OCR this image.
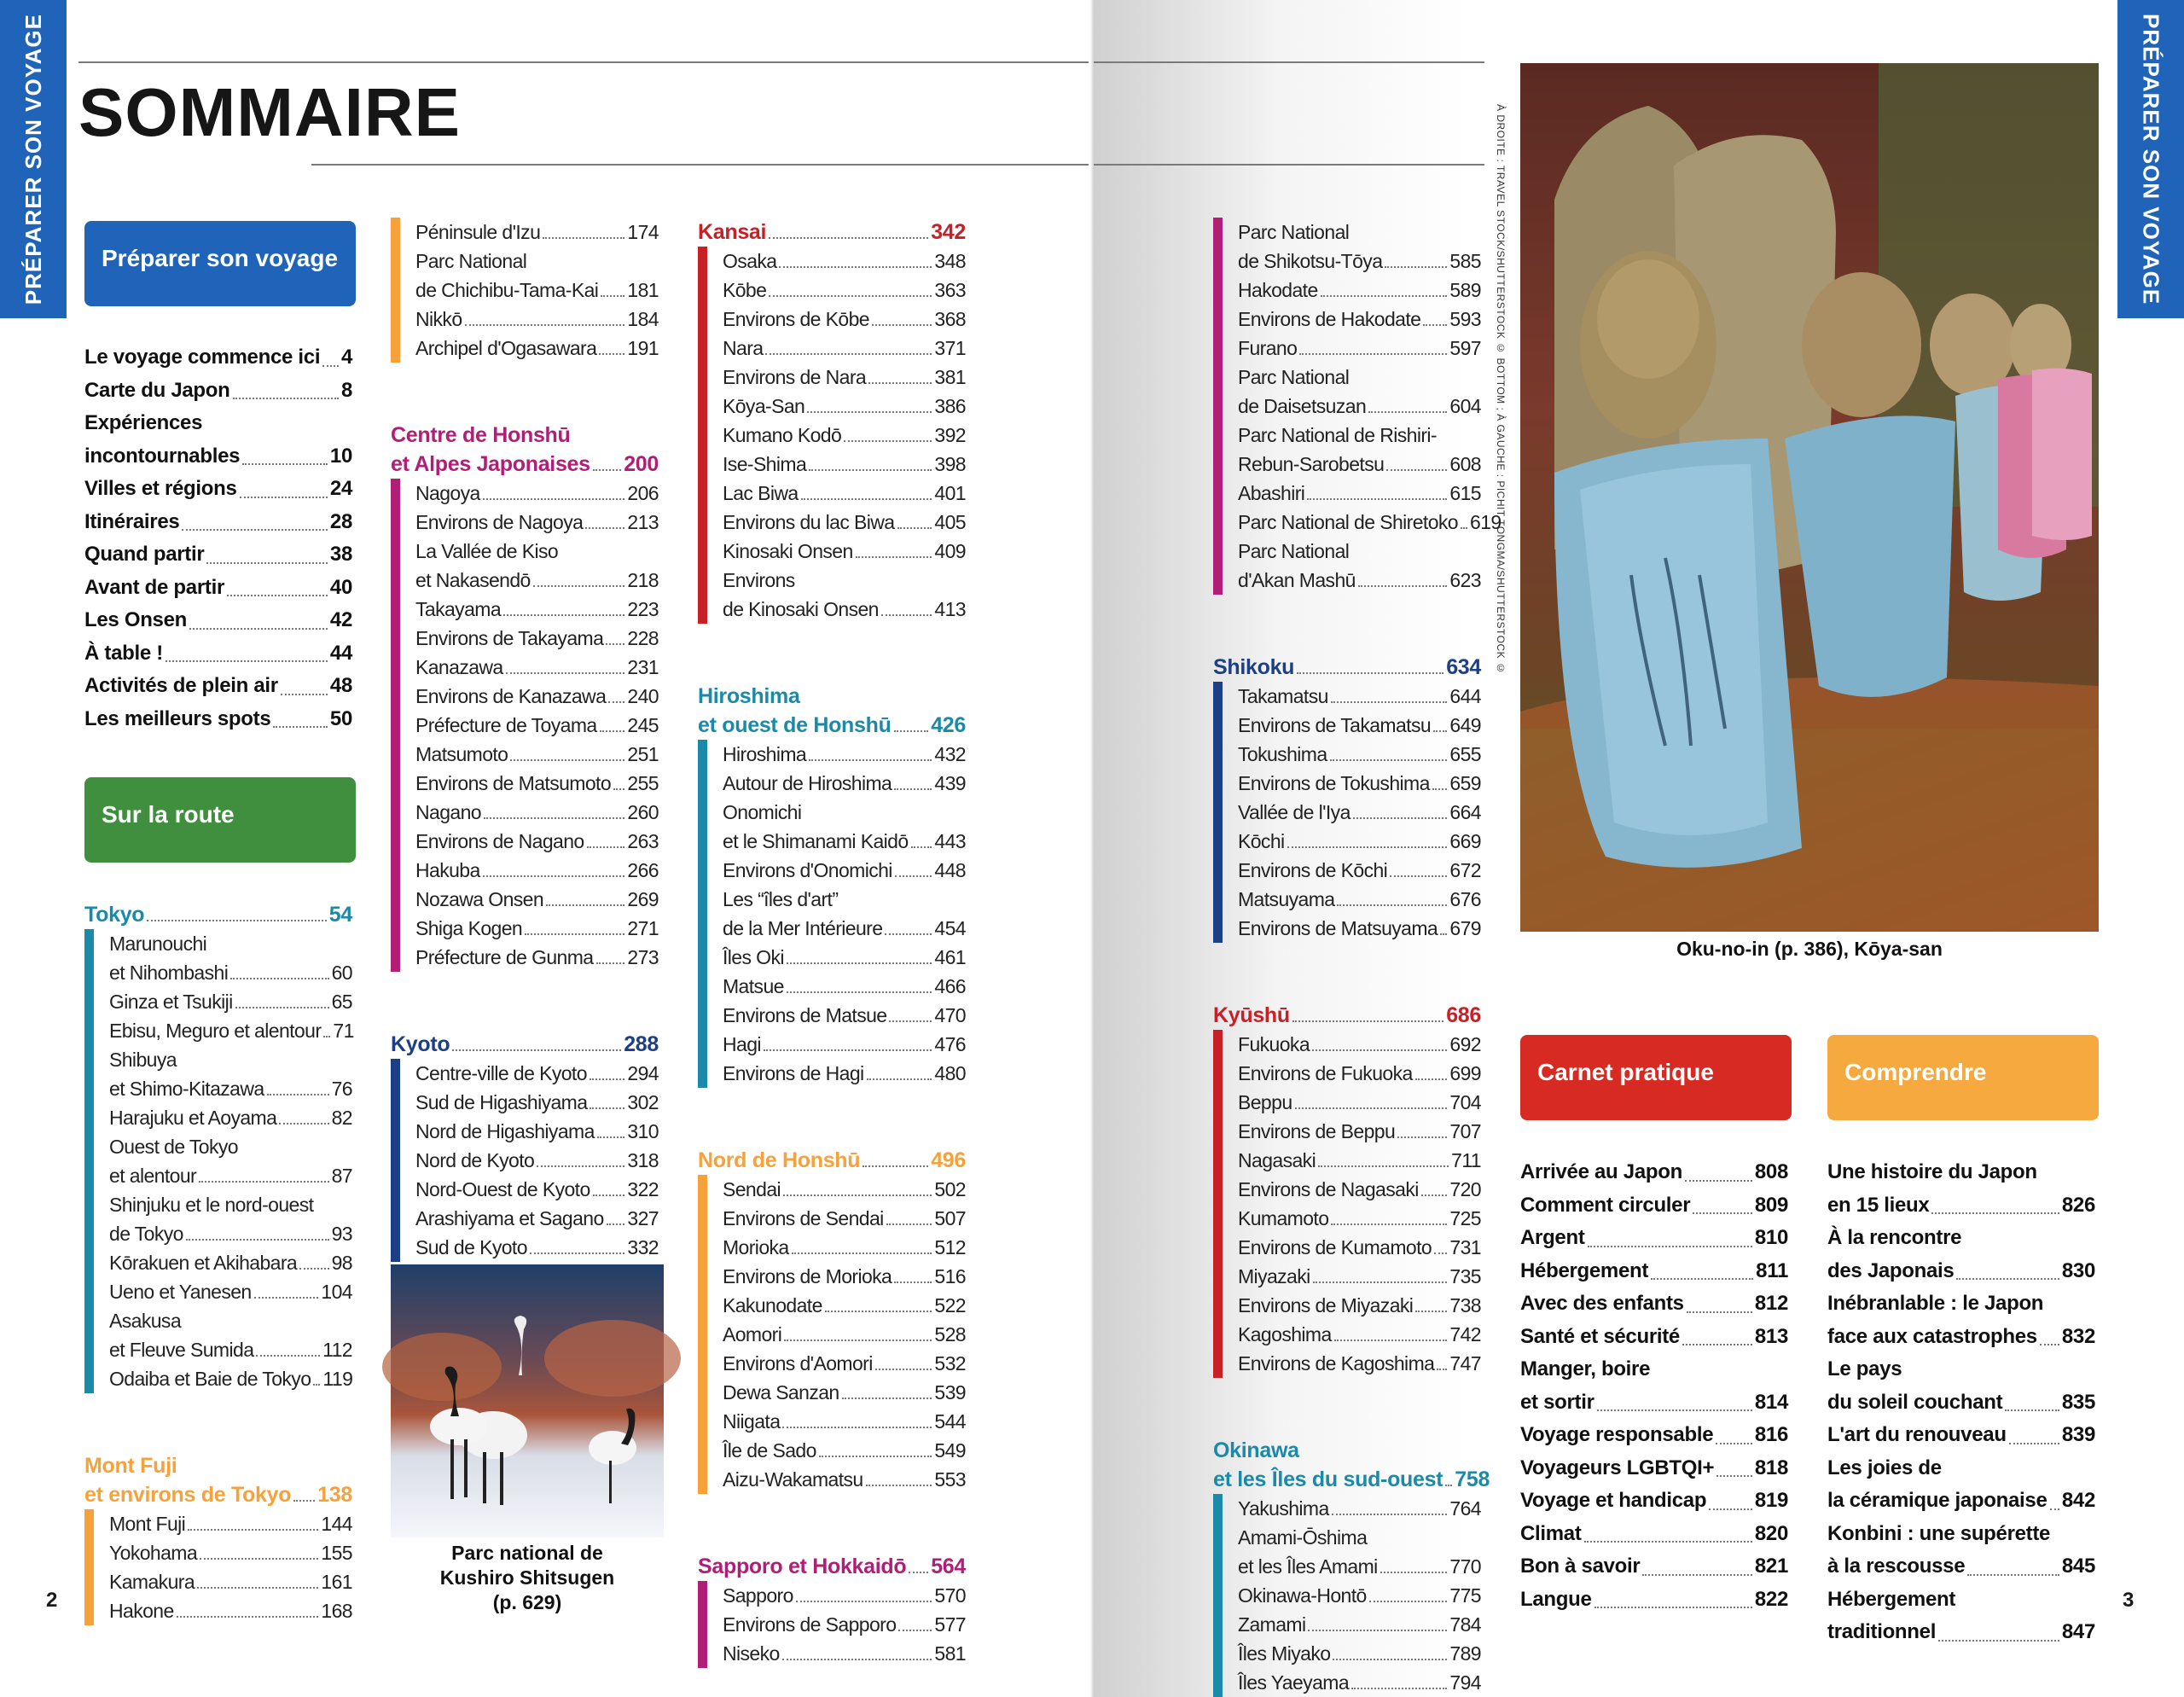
PRÉPARER SON VOYAGE	PRÉPARER SON VOYAGE
SOMMAIRE
2	3
Préparer son voyage
Le voyage commence ici 4
Carte du Japon	8
Expériences
incontournables	10
Villes et régions	24
Itinéraires	28
Quand partir	38
Avant de partir	40
Les Onsen	42
À table !	44
Activités de plein air	48
Les meilleurs spots	50
Sur la route
Tokyo	54
Marunouchi
et Nihombashi	60
Ginza et Tsukiji	65
Ebisu, Meguro et alentour 71
Shibuya
et Shimo-Kitazawa	76
Harajuku et Aoyama	82
Ouest de Tokyo
et alentour	87
Shinjuku et le nord-ouest
de Tokyo	93
Kōrakuen et Akihabara 98
Ueno et Yanesen	104
Asakusa
et Fleuve Sumida	112
Odaiba et Baie de Tokyo 119
Mont Fuji
et environs de Tokyo 138
Mont Fuji	144
Yokohama	155
Kamakura	161
Hakone	168
Péninsule d'Izu	174
Parc National
de Chichibu-Tama-Kai 181
Nikkō	184
Archipel d'Ogasawara 191
Centre de Honshū
et Alpes Japonaises 200
Nagoya	206
Environs de Nagoya 213
La Vallée de Kiso
et Nakasendō	218
Takayama	223
Environs de Takayama 228
Kanazawa	231
Environs de Kanazawa 240
Préfecture de Toyama 245
Matsumoto	251
Environs de Matsumoto 255
Nagano	260
Environs de Nagano 263
Hakuba	266
Nozawa Onsen	269
Shiga Kogen	271
Préfecture de Gunma 273
Kyoto	288
Centre-ville de Kyoto 294
Sud de Higashiyama 302
Nord de Higashiyama 310
Nord de Kyoto	318
Nord-Ouest de Kyoto 322
Arashiyama et Sagano 327
Sud de Kyoto	332
Parc national de
Kushiro Shitsugen
(p. 629)
Kansai	342
Osaka	348
Kōbe	363
Environs de Kōbe	368
Nara	371
Environs de Nara	381
Kōya-San	386
Kumano Kodō	392
Ise-Shima	398
Lac Biwa	401
Environs du lac Biwa 405
Kinosaki Onsen	409
Environs
de Kinosaki Onsen	413
Hiroshima
et ouest de Honshū 426
Hiroshima	432
Autour de Hiroshima 439
Onomichi
et le Shimanami Kaidō 443
Environs d'Onomichi 448
Les “îles d'art”
de la Mer Intérieure	454
Îles Oki	461
Matsue	466
Environs de Matsue 470
Hagi	476
Environs de Hagi	480
Nord de Honshū	496
Sendai	502
Environs de Sendai	507
Morioka	512
Environs de Morioka 516
Kakunodate	522
Aomori	528
Environs d'Aomori	532
Dewa Sanzan	539
Niigata	544
Île de Sado	549
Aizu-Wakamatsu	553
Sapporo et Hokkaidō 564
Sapporo	570
Environs de Sapporo 577
Niseko	581
Parc National
de Shikotsu-Tōya	585
Hakodate	589
Environs de Hakodate 593
Furano	597
Parc National
de Daisetsuzan	604
Parc National de Rishiri-
Rebun-Sarobetsu	608
Abashiri	615
Parc National de Shiretoko 619
Parc National
d'Akan Mashū	623
Shikoku	634
Takamatsu	644
Environs de Takamatsu 649
Tokushima	655
Environs de Tokushima 659
Vallée de l'Iya	664
Kōchi	669
Environs de Kōchi	672
Matsuyama	676
Environs de Matsuyama 679
Kyūshū	686
Fukuoka	692
Environs de Fukuoka 699
Beppu	704
Environs de Beppu	707
Nagasaki	711
Environs de Nagasaki 720
Kumamoto	725
Environs de Kumamoto 731
Miyazaki	735
Environs de Miyazaki 738
Kagoshima	742
Environs de Kagoshima 747
Okinawa
et les Îles du sud-ouest 758
Yakushima	764
Amami-Ōshima
et les Îles Amami	770
Okinawa-Hontō	775
Zamami	784
Îles Miyako	789
Îles Yaeyama	794
À DROITE : TRAVEL STOCK/SHUTTERSTOCK © BOTTOM ; À GAUCHE : PICHIT TONGMA/SHUTTERSTOCK ©
Oku-no-in (p. 386), Kōya-san
Carnet pratique	Comprendre
Arrivée au Japon	808
Comment circuler	809
Argent	810
Hébergement	811
Avec des enfants	812
Santé et sécurité	813
Manger, boire
et sortir	814
Voyage responsable 816
Voyageurs LGBTQI+ 818
Voyage et handicap 819
Climat	820
Bon à savoir	821
Langue	822
Une histoire du Japon
en 15 lieux	826
À la rencontre
des Japonais	830
Inébranlable : le Japon
face aux catastrophes 832
Le pays
du soleil couchant	835
L'art du renouveau	839
Les joies de
la céramique japonaise 842
Konbini : une supérette
à la rescousse	845
Hébergement
traditionnel	847
